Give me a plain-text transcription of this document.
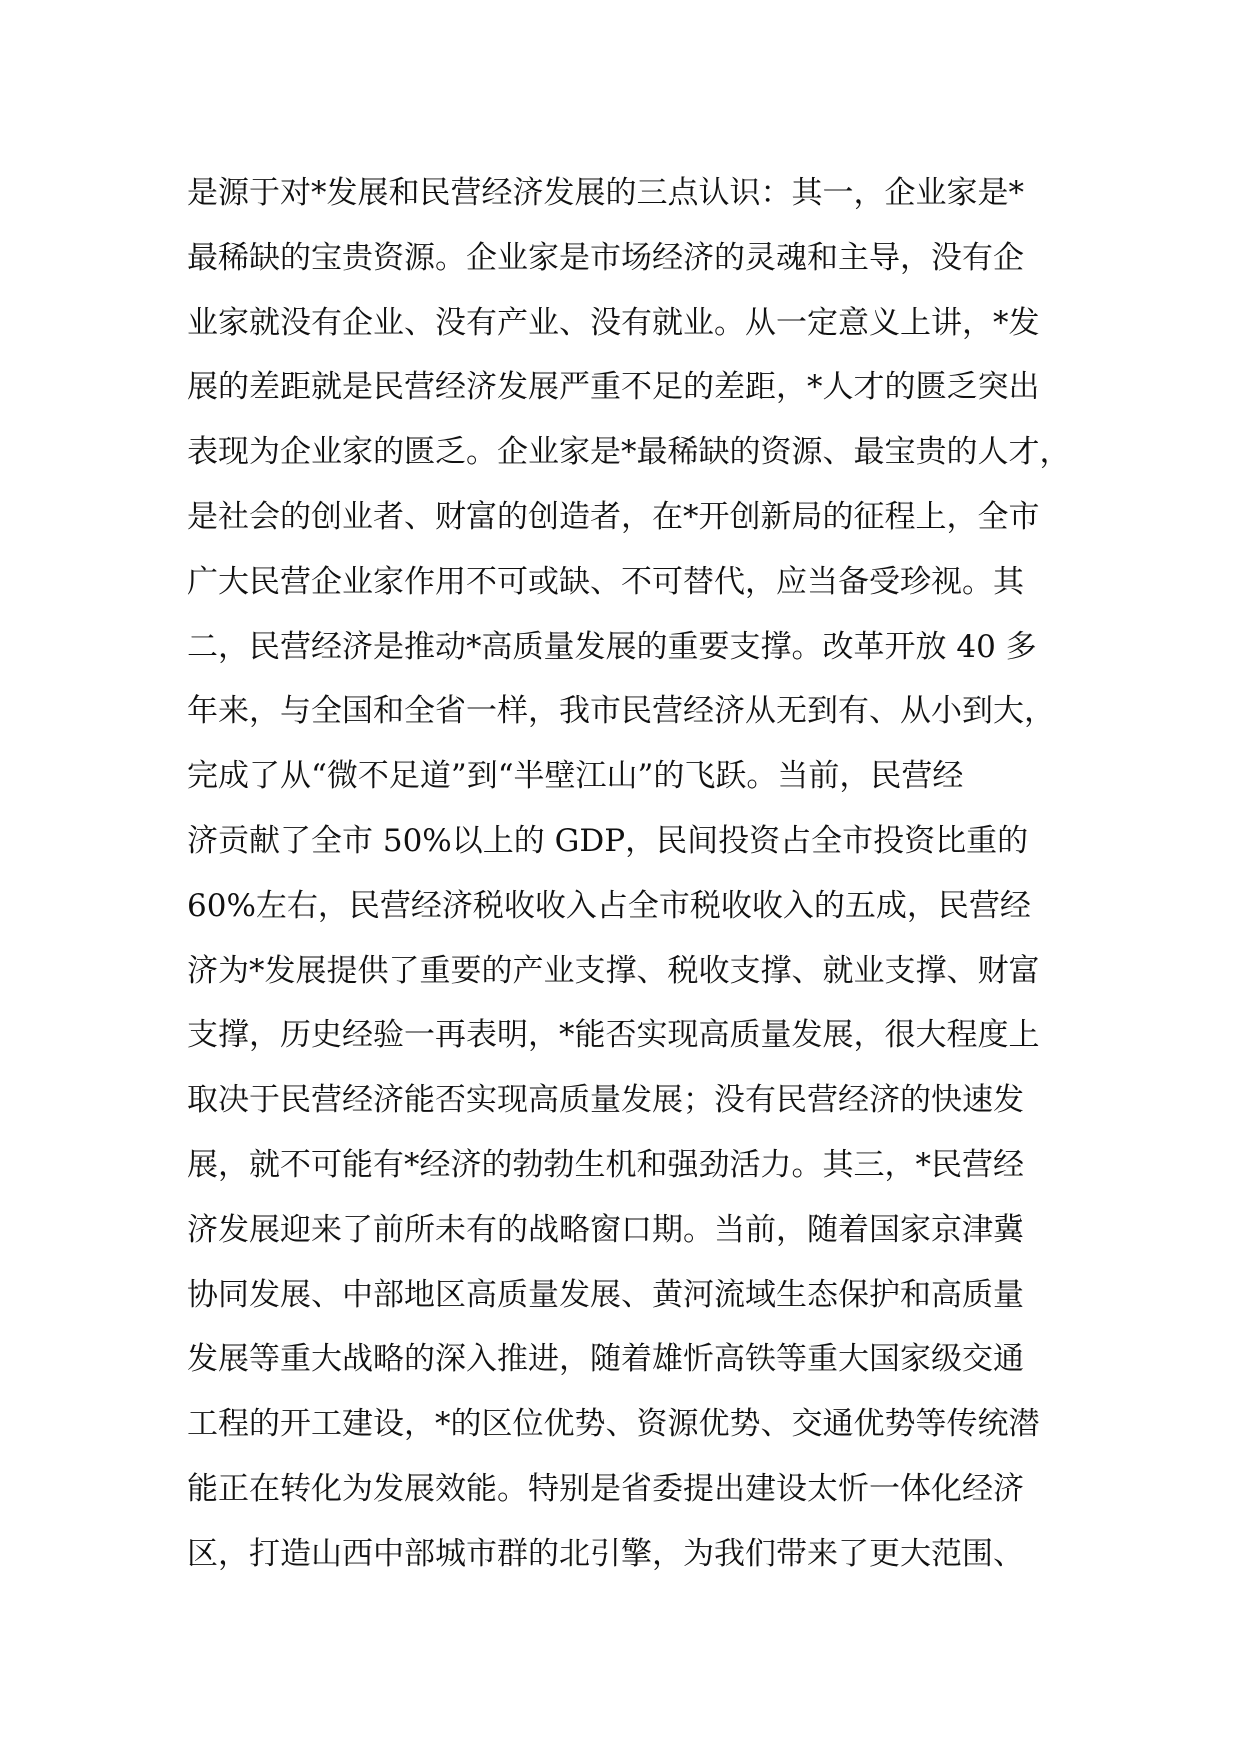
是源于对*发展和民营经济发展的三点认识：其一，企业家是*
最稀缺的宝贵资源。企业家是市场经济的灵魂和主导，没有企
业家就没有企业、没有产业、没有就业。从一定意义上讲，*发
展的差距就是民营经济发展严重不足的差距，*人才的匮乏突出
表现为企业家的匮乏。企业家是*最稀缺的资源、最宝贵的人才，
是社会的创业者、财富的创造者，在*开创新局的征程上，全市
广大民营企业家作用不可或缺、不可替代，应当备受珍视。其
二，民营经济是推动*高质量发展的重要支撑。改革开放 40 多
年来，与全国和全省一样，我市民营经济从无到有、从小到大，
完成了从“微不足道”到“半壁江山”的飞跃。当前，民营经
济贡献了全市 50%以上的 GDP，民间投资占全市投资比重的
60%左右，民营经济税收收入占全市税收收入的五成，民营经
济为*发展提供了重要的产业支撑、税收支撑、就业支撑、财富
支撑，历史经验一再表明，*能否实现高质量发展，很大程度上
取决于民营经济能否实现高质量发展；没有民营经济的快速发
展，就不可能有*经济的勃勃生机和强劲活力。其三，*民营经
济发展迎来了前所未有的战略窗口期。当前，随着国家京津冀
协同发展、中部地区高质量发展、黄河流域生态保护和高质量
发展等重大战略的深入推进，随着雄忻高铁等重大国家级交通
工程的开工建设，*的区位优势、资源优势、交通优势等传统潜
能正在转化为发展效能。特别是省委提出建设太忻一体化经济
区，打造山西中部城市群的北引擎，为我们带来了更大范围、
